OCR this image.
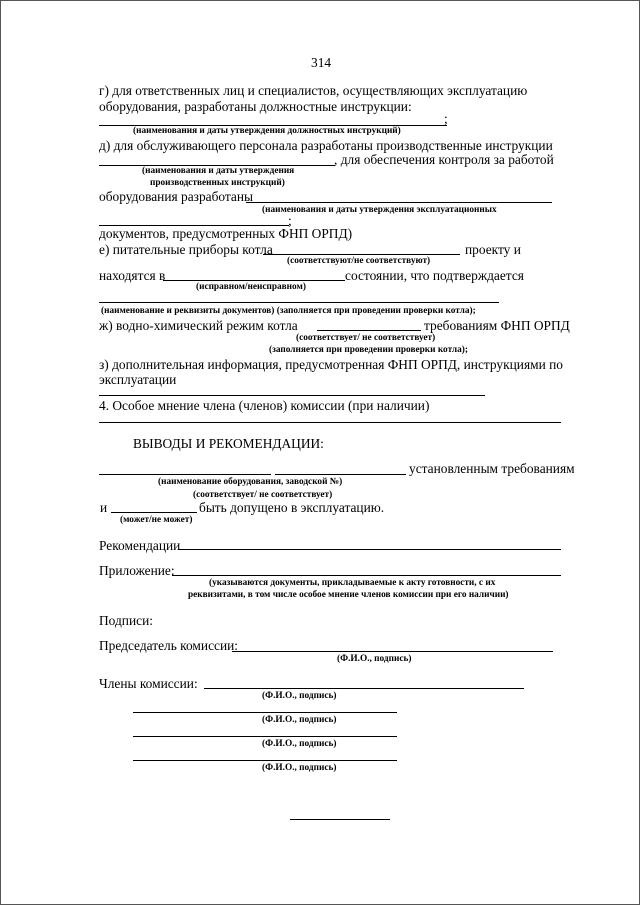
314
г) для ответственных лиц и специалистов, осуществляющих эксплуатацию
оборудования, разработаны должностные инструкции:
;
(наименования и даты утверждения должностных инструкций)
д) для обслуживающего персонала разработаны производственные инструкции
, для обеспечения контроля за работой
(наименования и даты утверждения
производственных инструкций)
оборудования разработаны
(наименования и даты утверждения эксплуатационных
;
документов, предусмотренных ФНП ОРПД)
е) питательные приборы котла	проекту и
(соответствуют/не соответствуют)
находятся в	состоянии, что подтверждается
(исправном/неисправном)
(наименование и реквизиты документов) (заполняется при проведении проверки котла);
ж) водно-химический режим котла	требованиям ФНП ОРПД
(соответствует/ не соответствует)
(заполняется при проведении проверки котла);
з) дополнительная информация, предусмотренная ФНП ОРПД, инструкциями по
эксплуатации
4. Особое мнение члена (членов) комиссии (при наличии)
ВЫВОДЫ И РЕКОМЕНДАЦИИ:
установленным требованиям
(наименование оборудования, заводской №)
(соответствует/ не соответствует)
и	быть допущено в эксплуатацию.
(может/не может)
Рекомендации
Приложение:
(указываются документы, прикладываемые к акту готовности, с их
реквизитами, в том числе особое мнение членов комиссии при его наличии)
Подписи:
Председатель комиссии:
(Ф.И.О., подпись)
Члены комиссии:
(Ф.И.О., подпись)
(Ф.И.О., подпись)
(Ф.И.О., подпись)
(Ф.И.О., подпись)
